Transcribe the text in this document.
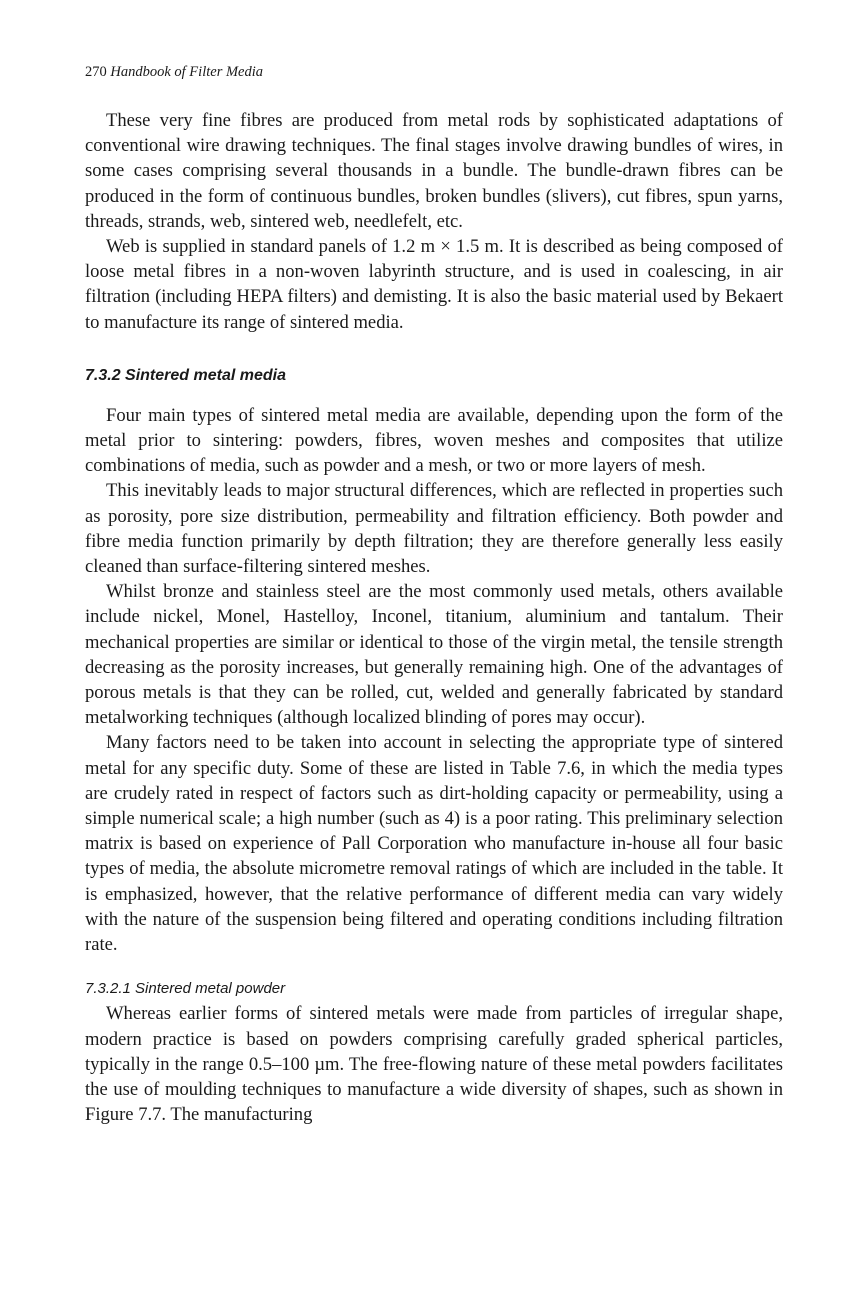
270 Handbook of Filter Media

These very fine fibres are produced from metal rods by sophisticated adaptations of conventional wire drawing techniques. The final stages involve drawing bundles of wires, in some cases comprising several thousands in a bundle. The bundle-drawn fibres can be produced in the form of continuous bundles, broken bundles (slivers), cut fibres, spun yarns, threads, strands, web, sintered web, needlefelt, etc.

Web is supplied in standard panels of 1.2 m × 1.5 m. It is described as being composed of loose metal fibres in a non-woven labyrinth structure, and is used in coalescing, in air filtration (including HEPA filters) and demisting. It is also the basic material used by Bekaert to manufacture its range of sintered media.

7.3.2 Sintered metal media

Four main types of sintered metal media are available, depending upon the form of the metal prior to sintering: powders, fibres, woven meshes and composites that utilize combinations of media, such as powder and a mesh, or two or more layers of mesh.

This inevitably leads to major structural differences, which are reflected in properties such as porosity, pore size distribution, permeability and filtration efficiency. Both powder and fibre media function primarily by depth filtration; they are therefore generally less easily cleaned than surface-filtering sintered meshes.

Whilst bronze and stainless steel are the most commonly used metals, others available include nickel, Monel, Hastelloy, Inconel, titanium, aluminium and tantalum. Their mechanical properties are similar or identical to those of the virgin metal, the tensile strength decreasing as the porosity increases, but generally remaining high. One of the advantages of porous metals is that they can be rolled, cut, welded and generally fabricated by standard metalworking techniques (although localized blinding of pores may occur).

Many factors need to be taken into account in selecting the appropriate type of sintered metal for any specific duty. Some of these are listed in Table 7.6, in which the media types are crudely rated in respect of factors such as dirt-holding capacity or permeability, using a simple numerical scale; a high number (such as 4) is a poor rating. This preliminary selection matrix is based on experience of Pall Corporation who manufacture in-house all four basic types of media, the absolute micrometre removal ratings of which are included in the table. It is emphasized, however, that the relative performance of different media can vary widely with the nature of the suspension being filtered and operating conditions including filtration rate.

7.3.2.1 Sintered metal powder

Whereas earlier forms of sintered metals were made from particles of irregular shape, modern practice is based on powders comprising carefully graded spherical particles, typically in the range 0.5–100 µm. The free-flowing nature of these metal powders facilitates the use of moulding techniques to manufacture a wide diversity of shapes, such as shown in Figure 7.7. The manufacturing
